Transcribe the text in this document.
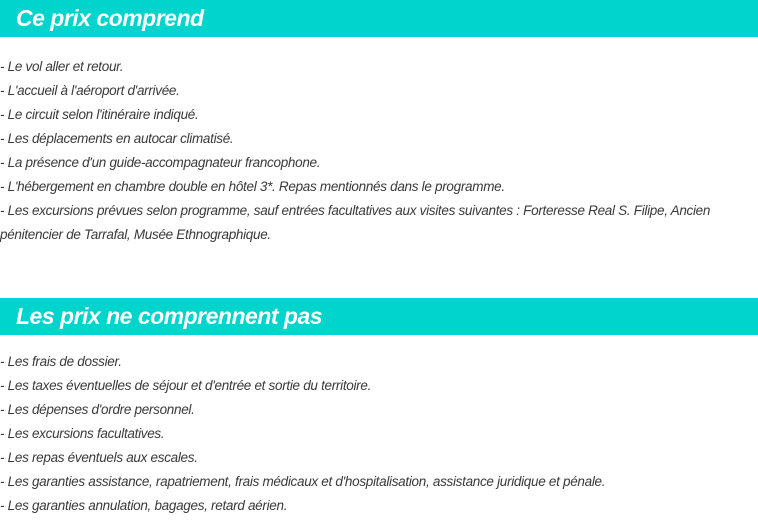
Ce prix comprend
- Le vol aller et retour.
- L'accueil à l'aéroport d'arrivée.
- Le circuit selon l'itinéraire indiqué.
- Les déplacements en autocar climatisé.
- La présence d'un guide-accompagnateur francophone.
- L'hébergement en chambre double en hôtel 3*. Repas mentionnés dans le programme.
- Les excursions prévues selon programme, sauf entrées facultatives aux visites suivantes : Forteresse Real S. Filipe, Ancien pénitencier de Tarrafal, Musée Ethnographique.
Les prix ne comprennent pas
- Les frais de dossier.
- Les taxes éventuelles de séjour et d'entrée et sortie du territoire.
- Les dépenses d'ordre personnel.
- Les excursions facultatives.
- Les repas éventuels aux escales.
- Les garanties assistance, rapatriement, frais médicaux et d'hospitalisation, assistance juridique et pénale.
- Les garanties annulation, bagages, retard aérien.
